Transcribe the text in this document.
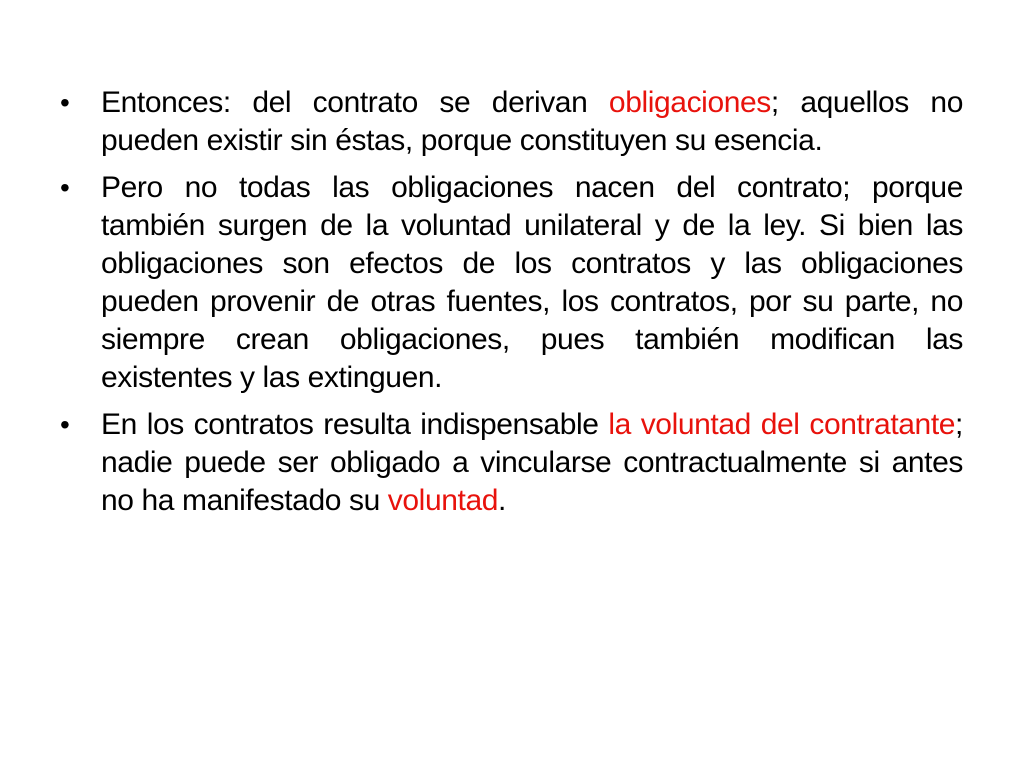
•	Entonces: del contrato se derivan obligaciones; aquellos no pueden existir sin éstas, porque constituyen su esencia.
•	Pero no todas las obligaciones nacen del contrato; porque también surgen de la voluntad unilateral y de la ley. Si bien las obligaciones son efectos de los contratos y las obligaciones pueden provenir de otras fuentes, los contratos, por su parte, no siempre crean obligaciones, pues también modifican las existentes y las extinguen.
•	En los contratos resulta indispensable la voluntad del contratante; nadie puede ser obligado a vincularse contractualmente si antes no ha manifestado su voluntad.
